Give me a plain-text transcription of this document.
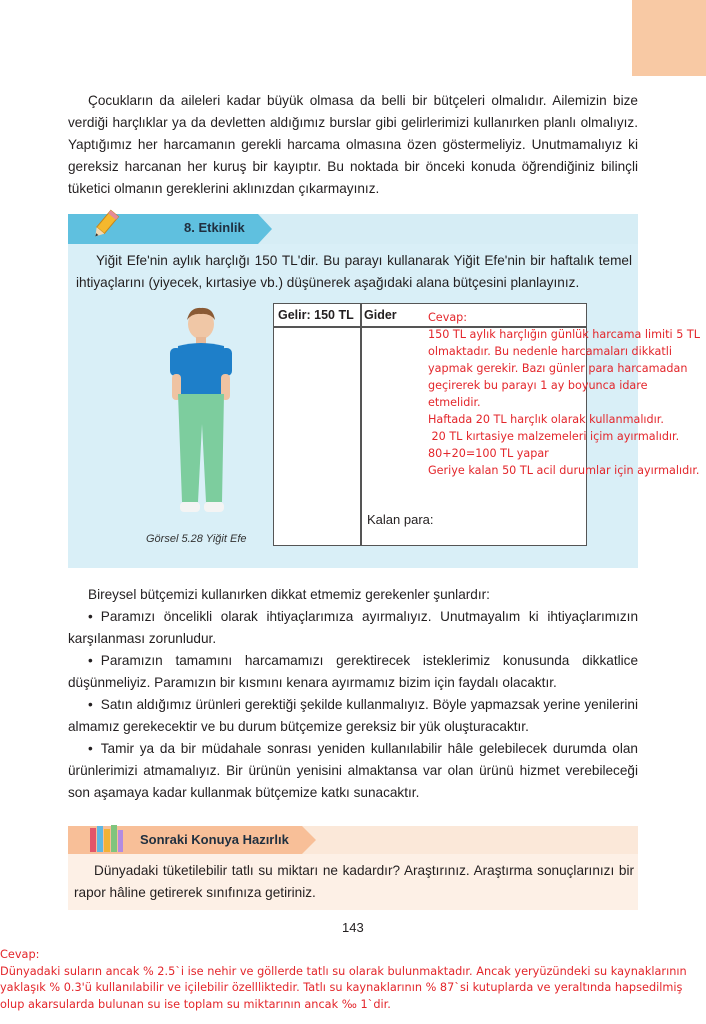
Çocukların da aileleri kadar büyük olmasa da belli bir bütçeleri olmalıdır. Ailemizin bize verdiği harçlıklar ya da devletten aldığımız burslar gibi gelirlerimizi kullanırken planlı olmalıyız. Yaptığımız her harcamanın gerekli harcama olmasına özen göstermeliyiz. Unutmamalıyız ki gereksiz harcanan her kuruş bir kayıptır. Bu noktada bir önceki konuda öğrendiğiniz bilinçli tüketici olmanın gereklerini aklınızdan çıkarmayınız.

8. Etkinlik

Yiğit Efe'nin aylık harçlığı 150 TL'dir. Bu parayı kullanarak Yiğit Efe'nin bir haftalık temel ihtiyaçlarını (yiyecek, kırtasiye vb.) düşünerek aşağıdaki alana bütçesini planlayınız.

Görsel 5.28 Yiğit Efe
Gelir: 150 TL Gider
Kalan para:
Cevap:
150 TL aylık harçlığın günlük harcama limiti 5 TL
olmaktadır. Bu nedenle harcamaları dikkatli
yapmak gerekir. Bazı günler para harcamadan
geçirerek bu parayı 1 ay boyunca idare
etmelidir.
Haftada 20 TL harçlık olarak kullanmalıdır.
20 TL kırtasiye malzemeleri içim ayırmalıdır.
80+20=100 TL yapar
Geriye kalan 50 TL acil durumlar için ayırmalıdır.

Bireysel bütçemizi kullanırken dikkat etmemiz gerekenler şunlardır:

• Paramızı öncelikli olarak ihtiyaçlarımıza ayırmalıyız. Unutmayalım ki ihtiyaçlarımızın karşılanması zorunludur.

• Paramızın tamamını harcamamızı gerektirecek isteklerimiz konusunda dikkatlice düşünmeliyiz. Paramızın bir kısmını kenara ayırmamız bizim için faydalı olacaktır.

• Satın aldığımız ürünleri gerektiği şekilde kullanmalıyız. Böyle yapmazsak yerine yenilerini almamız gerekecektir ve bu durum bütçemize gereksiz bir yük oluşturacaktır.

• Tamir ya da bir müdahale sonrası yeniden kullanılabilir hâle gelebilecek durumda olan ürünlerimizi atmamalıyız. Bir ürünün yenisini almaktansa var olan ürünü hizmet verebileceği son aşamaya kadar kullanmak bütçemize katkı sunacaktır.

Sonraki Konuya Hazırlık

Dünyadaki tüketilebilir tatlı su miktarı ne kadardır? Araştırınız. Araştırma sonuçlarınızı bir rapor hâline getirerek sınıfınıza getiriniz.

143
Cevap:
Dünyadaki suların ancak % 2.5`i ise nehir ve göllerde tatlı su olarak bulunmaktadır. Ancak yeryüzündeki su kaynaklarının
yaklaşık % 0.3'ü kullanılabilir ve içilebilir özellliktedir. Tatlı su kaynaklarının % 87`si kutuplarda ve yeraltında hapsedilmiş
olup akarsularda bulunan su ise toplam su miktarının ancak ‰ 1`dir.
